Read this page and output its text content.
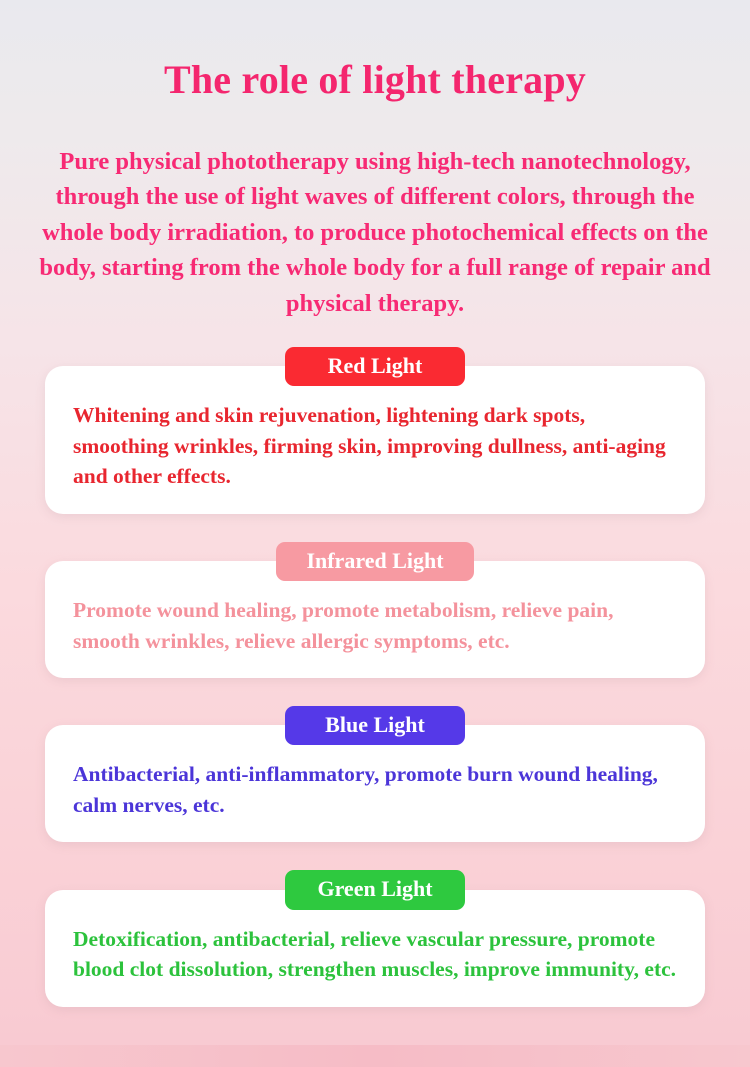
The role of light therapy

Pure physical phototherapy using high-tech nanotechnology, through the use of light waves of different colors, through the whole body irradiation, to produce photochemical effects on the body, starting from the whole body for a full range of repair and physical therapy.

Red Light

Whitening and skin rejuvenation, lightening dark spots, smoothing wrinkles, firming skin, improving dullness, anti-aging and other effects.

Infrared Light

Promote wound healing, promote metabolism, relieve pain, smooth wrinkles, relieve allergic symptoms, etc.

Blue Light

Antibacterial, anti-inflammatory, promote burn wound healing, calm nerves, etc.

Green Light

Detoxification, antibacterial, relieve vascular pressure, promote blood clot dissolution, strengthen muscles, improve immunity, etc.
